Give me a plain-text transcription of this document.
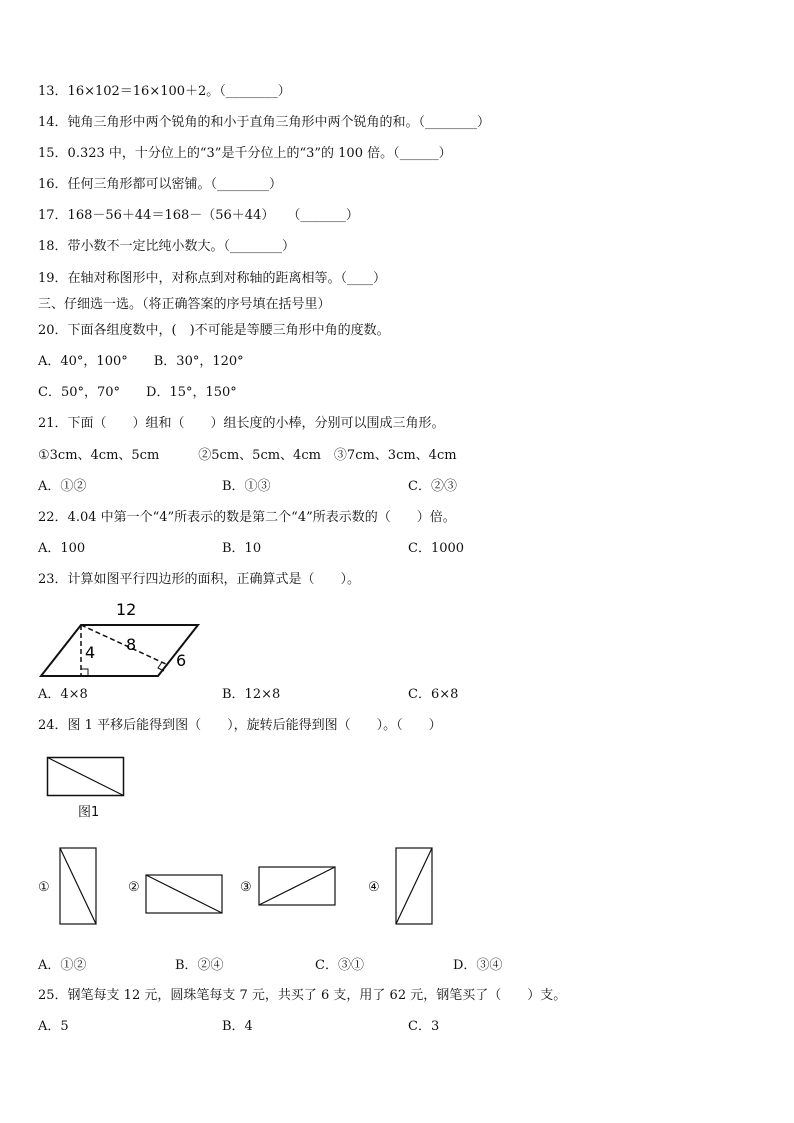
13．16×102＝16×100＋2。（________）
14．钝角三角形中两个锐角的和小于直角三角形中两个锐角的和。（________）
15．0.323 中，十分位上的“3”是千分位上的“3”的 100 倍。（______）
16．任何三角形都可以密铺。（________）
17．168－56＋44＝168－（56＋44）　　（_______）
18．带小数不一定比纯小数大。（________）
19．在轴对称图形中，对称点到对称轴的距离相等。（____）
三、仔细选一选。（将正确答案的序号填在括号里）
20．下面各组度数中，(　)不可能是等腰三角形中角的度数。
A．40°，100°　　B．30°，120°
C．50°，70°　　D．15°，150°
21．下面（　　）组和（　　）组长度的小棒，分别可以围成三角形。
①3cm、4cm、5cm　　　②5cm、5cm、4cm　③7cm、3cm、4cm
A．①②	B．①③	C．②③
22．4.04 中第一个“4”所表示的数是第二个“4”所表示数的（　　）倍。
A．100	B．10	C．1000
23．计算如图平行四边形的面积，正确算式是（　　）。
12
4 8
6
A．4×8	B．12×8	C．6×8
24．图 1 平移后能得到图（　　），旋转后能得到图（　　）。（　　）
图1
①	②	③	④
A．①②	B．②④	C．③①	D．③④
25．钢笔每支 12 元，圆珠笔每支 7 元，共买了 6 支，用了 62 元，钢笔买了（　　）支。
A．5	B．4	C．3
